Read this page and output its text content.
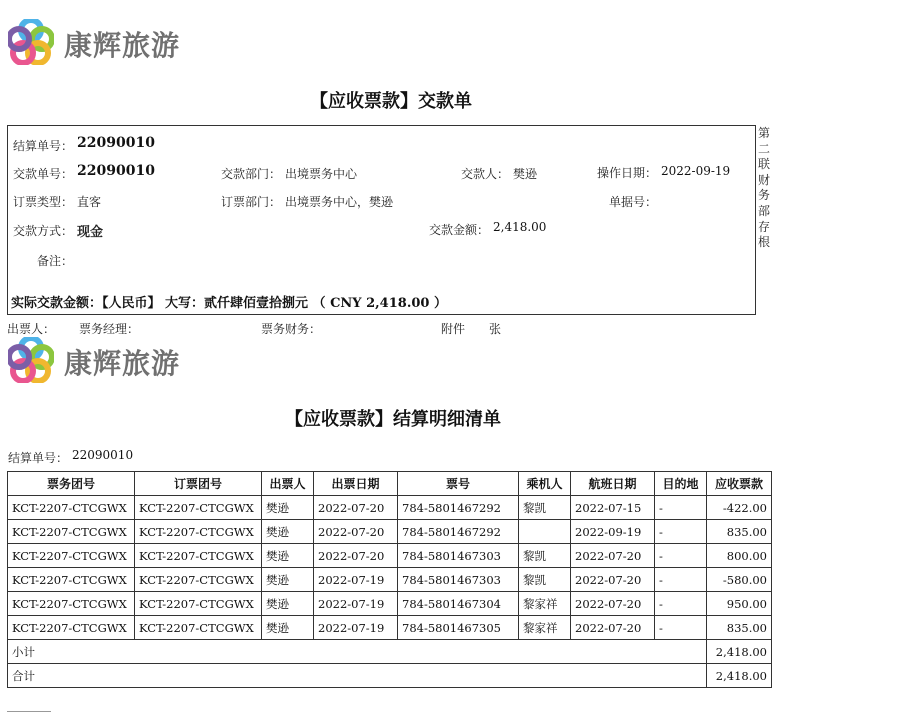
康辉旅游
【应收票款】交款单
结算单号： 22090010
交款单号： 22090010	交款部门： 出境票务中心	交款人： 樊逊	操作日期： 2022-09-19
订票类型： 直客	订票部门： 出境票务中心，樊逊	单据号：
交款方式： 现金	交款金额： 2,418.00
备注：
实际交款金额：【人民币】 大写：贰仟肆佰壹拾捌元 （ CNY 2,418.00 ）
第
二
联
财
务
部
存
根
出票人： 票务经理：	票务财务：	附件 张
康辉旅游
【应收票款】结算明细清单
结算单号： 22090010
票务团号	订票团号	出票人	出票日期	票号	乘机人	航班日期	目的地	应收票款
KCT-2207-CTCGWX	KCT-2207-CTCGWX	樊逊	2022-07-20	784-5801467292	黎凯	2022-07-15	-	-422.00
KCT-2207-CTCGWX	KCT-2207-CTCGWX	樊逊	2022-07-20	784-5801467292		2022-09-19	-	835.00
KCT-2207-CTCGWX	KCT-2207-CTCGWX	樊逊	2022-07-20	784-5801467303	黎凯	2022-07-20	-	800.00
KCT-2207-CTCGWX	KCT-2207-CTCGWX	樊逊	2022-07-19	784-5801467303	黎凯	2022-07-20	-	-580.00
KCT-2207-CTCGWX	KCT-2207-CTCGWX	樊逊	2022-07-19	784-5801467304	黎家祥	2022-07-20	-	950.00
KCT-2207-CTCGWX	KCT-2207-CTCGWX	樊逊	2022-07-19	784-5801467305	黎家祥	2022-07-20	-	835.00
小计								2,418.00
合计								2,418.00
